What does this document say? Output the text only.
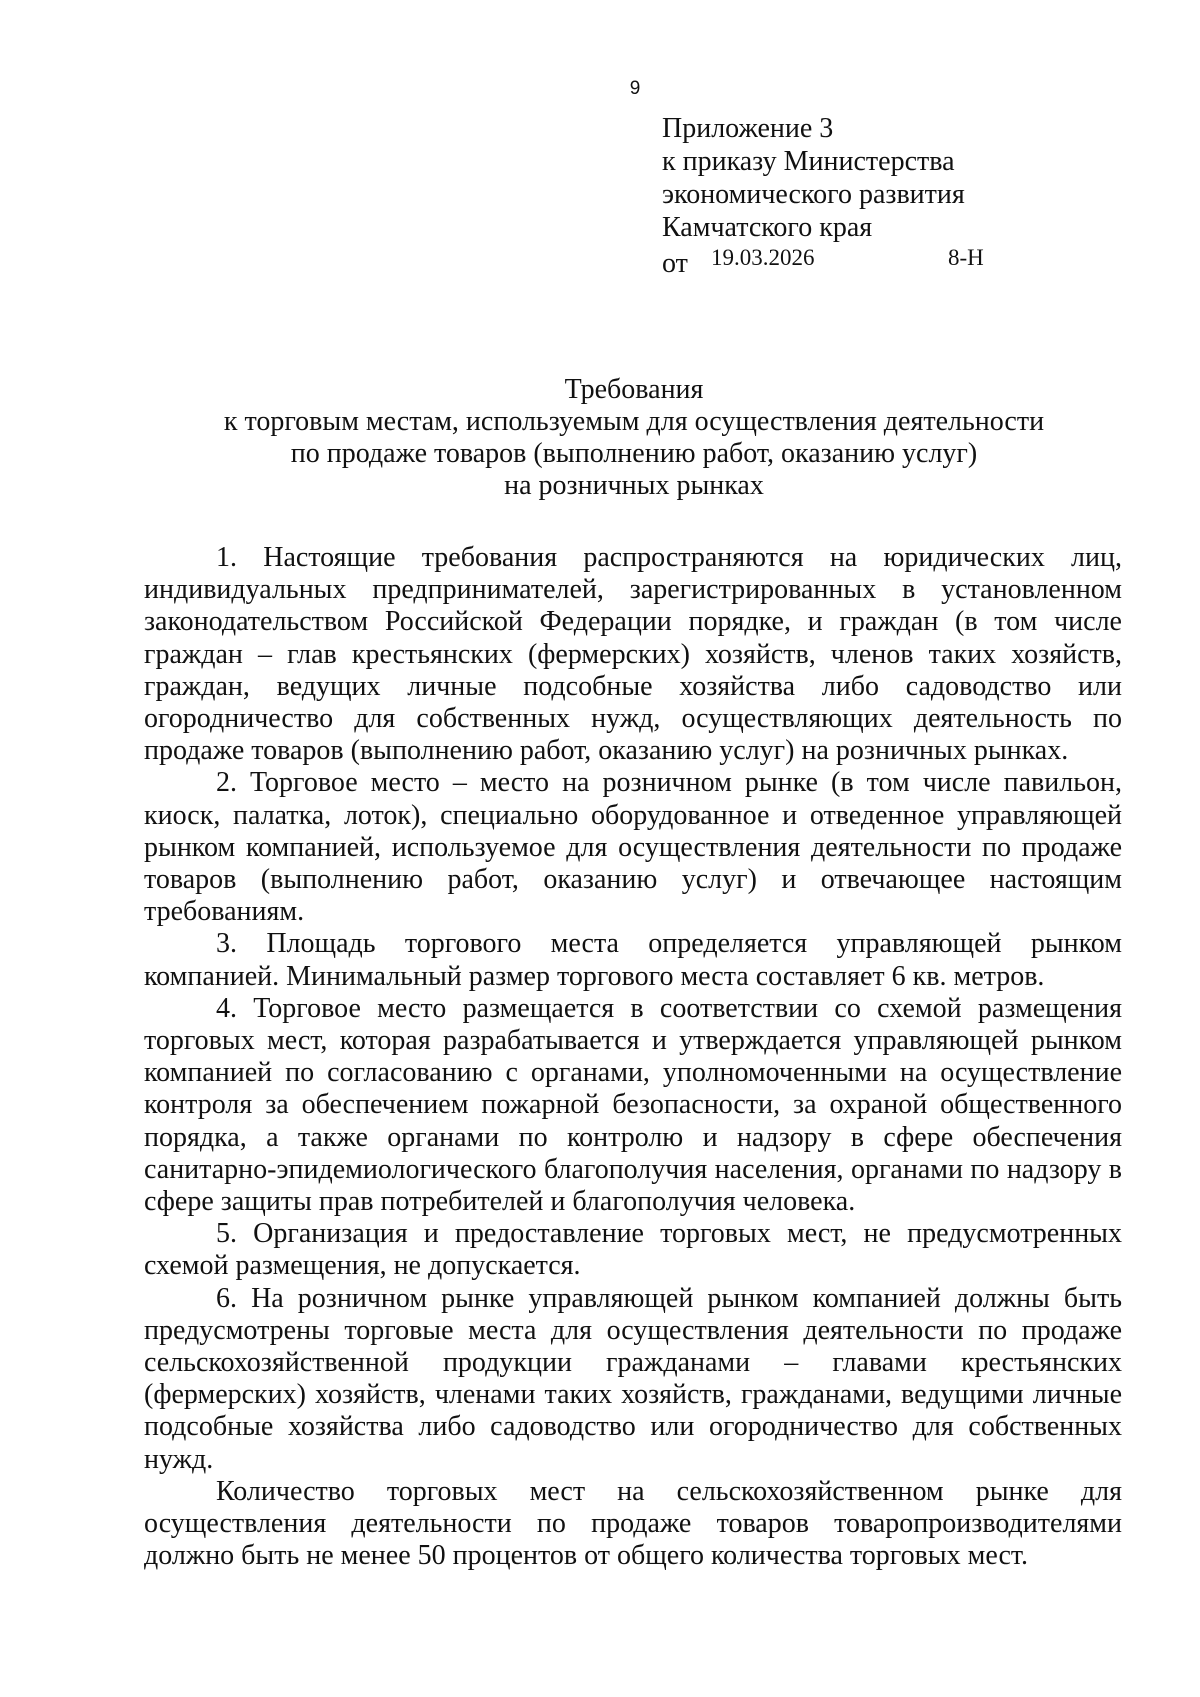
9
Приложение 3
к приказу Министерства
экономического развития
Камчатского края
от 19.03.2026	8-Н
Требования
к торговым местам, используемым для осуществления деятельности
по продаже товаров (выполнению работ, оказанию услуг)
на розничных рынках

1. Настоящие требования распространяются на юридических лиц, индивидуальных предпринимателей, зарегистрированных в установленном законодательством Российской Федерации порядке, и граждан (в том числе граждан – глав крестьянских (фермерских) хозяйств, членов таких хозяйств, граждан, ведущих личные подсобные хозяйства либо садоводство или огородничество для собственных нужд, осуществляющих деятельность по продаже товаров (выполнению работ, оказанию услуг) на розничных рынках.

2. Торговое место – место на розничном рынке (в том числе павильон, киоск, палатка, лоток), специально оборудованное и отведенное управляющей рынком компанией, используемое для осуществления деятельности по продаже товаров (выполнению работ, оказанию услуг) и отвечающее настоящим требованиям.

3. Площадь торгового места определяется управляющей рынком компанией. Минимальный размер торгового места составляет 6 кв. метров.

4. Торговое место размещается в соответствии со схемой размещения торговых мест, которая разрабатывается и утверждается управляющей рынком компанией по согласованию с органами, уполномоченными на осуществление контроля за обеспечением пожарной безопасности, за охраной общественного порядка, а также органами по контролю и надзору в сфере обеспечения санитарно-эпидемиологического благополучия населения, органами по надзору в сфере защиты прав потребителей и благополучия человека.

5. Организация и предоставление торговых мест, не предусмотренных схемой размещения, не допускается.

6. На розничном рынке управляющей рынком компанией должны быть предусмотрены торговые места для осуществления деятельности по продаже сельскохозяйственной продукции гражданами – главами крестьянских (фермерских) хозяйств, членами таких хозяйств, гражданами, ведущими личные подсобные хозяйства либо садоводство или огородничество для собственных нужд.

Количество торговых мест на сельскохозяйственном рынке для осуществления деятельности по продаже товаров товаропроизводителями должно быть не менее 50 процентов от общего количества торговых мест.
